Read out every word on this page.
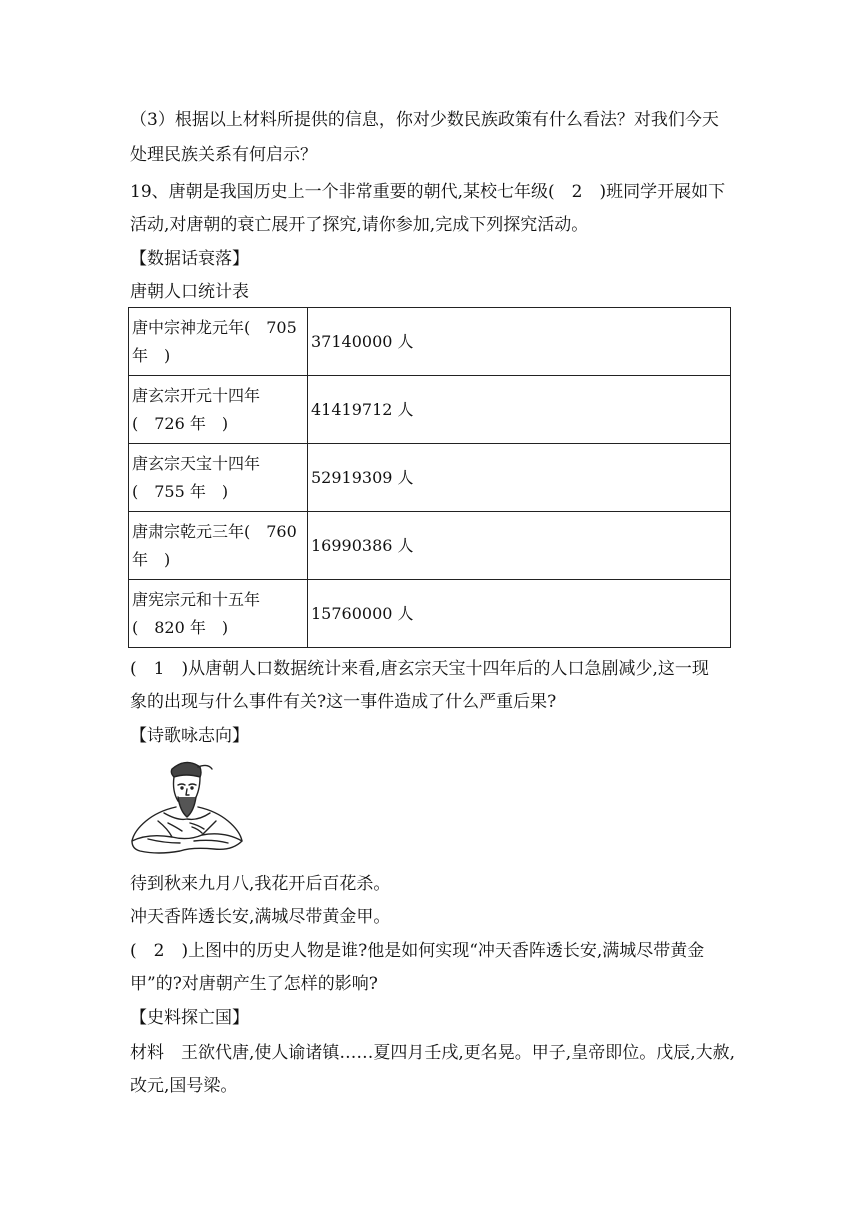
（3）根据以上材料所提供的信息，你对少数民族政策有什么看法？对我们今天
处理民族关系有何启示？
19、唐朝是我国历史上一个非常重要的朝代,某校七年级(　2　)班同学开展如下
活动,对唐朝的衰亡展开了探究,请你参加,完成下列探究活动。
【数据话衰落】
唐朝人口统计表
唐中宗神龙元年(　705
年　)	37140000 人

唐玄宗开元十四年
(　726 年　)	41419712 人

唐玄宗天宝十四年
(　755 年　)	52919309 人

唐肃宗乾元三年(　760
年　)	16990386 人

唐宪宗元和十五年
(　820 年　)	15760000 人
(　1　)从唐朝人口数据统计来看,唐玄宗天宝十四年后的人口急剧减少,这一现
象的出现与什么事件有关?这一事件造成了什么严重后果?
【诗歌咏志向】
待到秋来九月八,我花开后百花杀。
冲天香阵透长安,满城尽带黄金甲。
(　2　)上图中的历史人物是谁?他是如何实现“冲天香阵透长安,满城尽带黄金
甲”的?对唐朝产生了怎样的影响?
【史料探亡国】
材料　王欲代唐,使人谕诸镇……夏四月壬戌,更名晃。甲子,皇帝即位。戊辰,大赦,
改元,国号梁。
